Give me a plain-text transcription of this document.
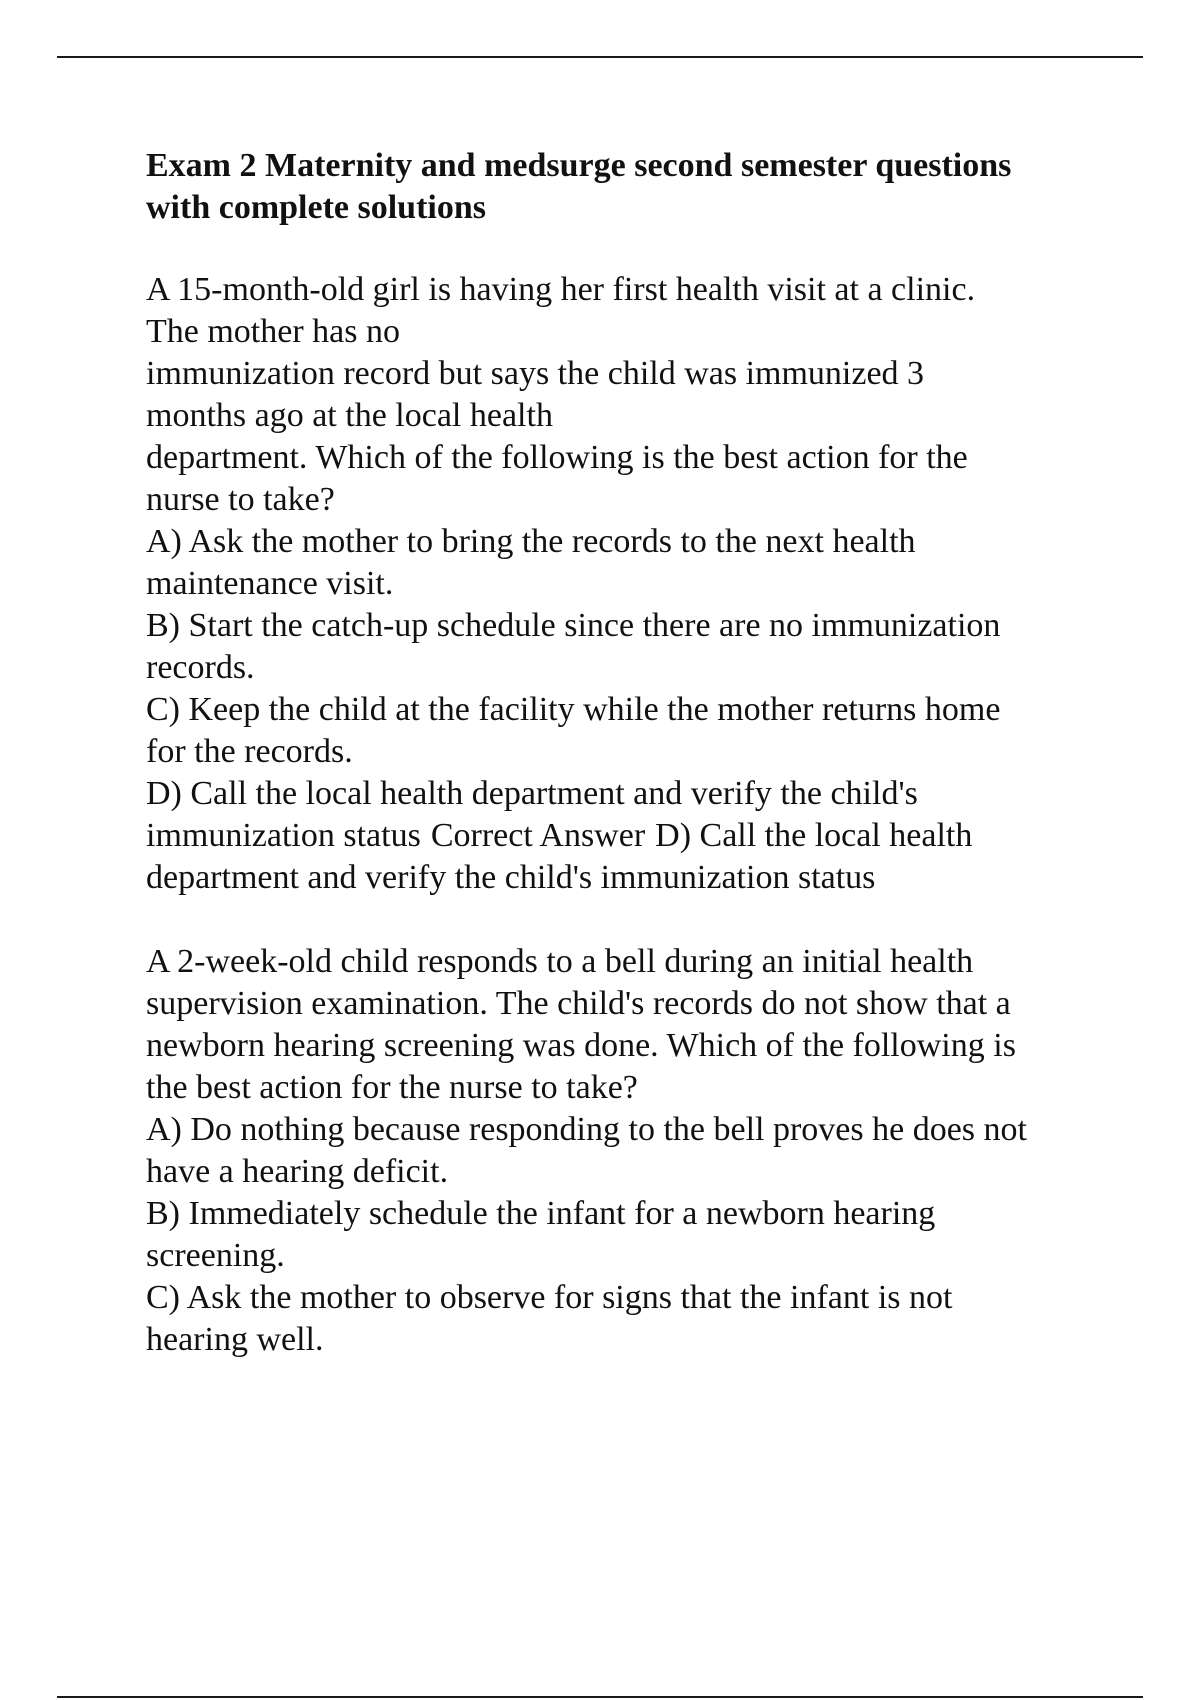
Exam 2 Maternity and medsurge second semester questions
with complete solutions
A 15-month-old girl is having her first health visit at a clinic.
The mother has no
immunization record but says the child was immunized 3
months ago at the local health
department. Which of the following is the best action for the
nurse to take?
A) Ask the mother to bring the records to the next health
maintenance visit.
B) Start the catch-up schedule since there are no immunization
records.
C) Keep the child at the facility while the mother returns home
for the records.
D) Call the local health department and verify the child's
immunization status Correct Answer D) Call the local health
department and verify the child's immunization status
A 2-week-old child responds to a bell during an initial health
supervision examination. The child's records do not show that a
newborn hearing screening was done. Which of the following is
the best action for the nurse to take?
A) Do nothing because responding to the bell proves he does not
have a hearing deficit.
B) Immediately schedule the infant for a newborn hearing
screening.
C) Ask the mother to observe for signs that the infant is not
hearing well.
